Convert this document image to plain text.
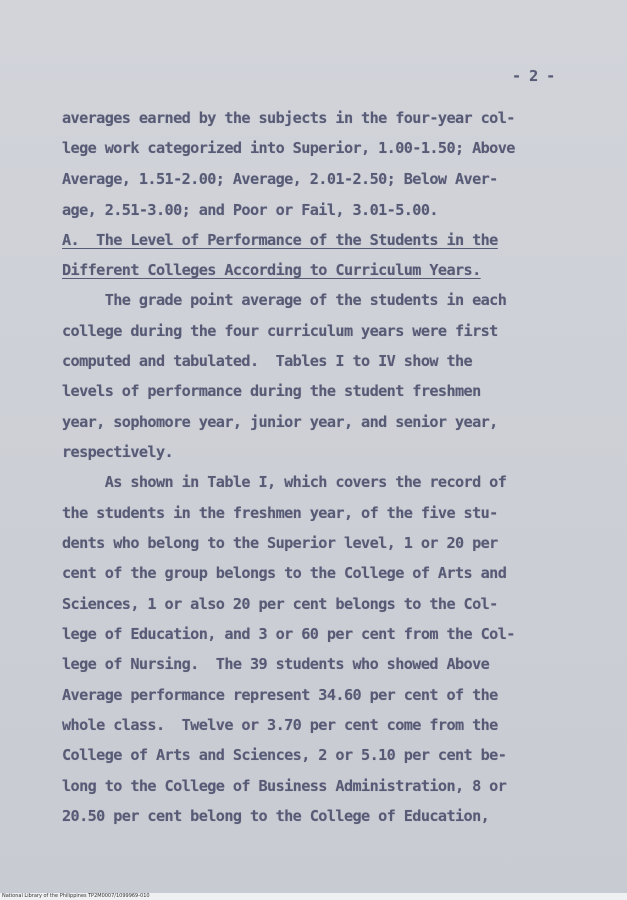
- 2 -
averages earned by the subjects in the four-year col-
lege work categorized into Superior, 1.00-1.50; Above
Average, 1.51-2.00; Average, 2.01-2.50; Below Aver-
age, 2.51-3.00; and Poor or Fail, 3.01-5.00.
A.  The Level of Performance of the Students in the
Different Colleges According to Curriculum Years.
The grade point average of the students in each
college during the four curriculum years were first
computed and tabulated.  Tables I to IV show the
levels of performance during the student freshmen
year, sophomore year, junior year, and senior year,
respectively.
As shown in Table I, which covers the record of
the students in the freshmen year, of the five stu-
dents who belong to the Superior level, 1 or 20 per
cent of the group belongs to the College of Arts and
Sciences, 1 or also 20 per cent belongs to the Col-
lege of Education, and 3 or 60 per cent from the Col-
lege of Nursing.  The 39 students who showed Above
Average performance represent 34.60 per cent of the
whole class.  Twelve or 3.70 per cent come from the
College of Arts and Sciences, 2 or 5.10 per cent be-
long to the College of Business Administration, 8 or
20.50 per cent belong to the College of Education,
National Library of the Philippines TP2M0007/1099969-010
